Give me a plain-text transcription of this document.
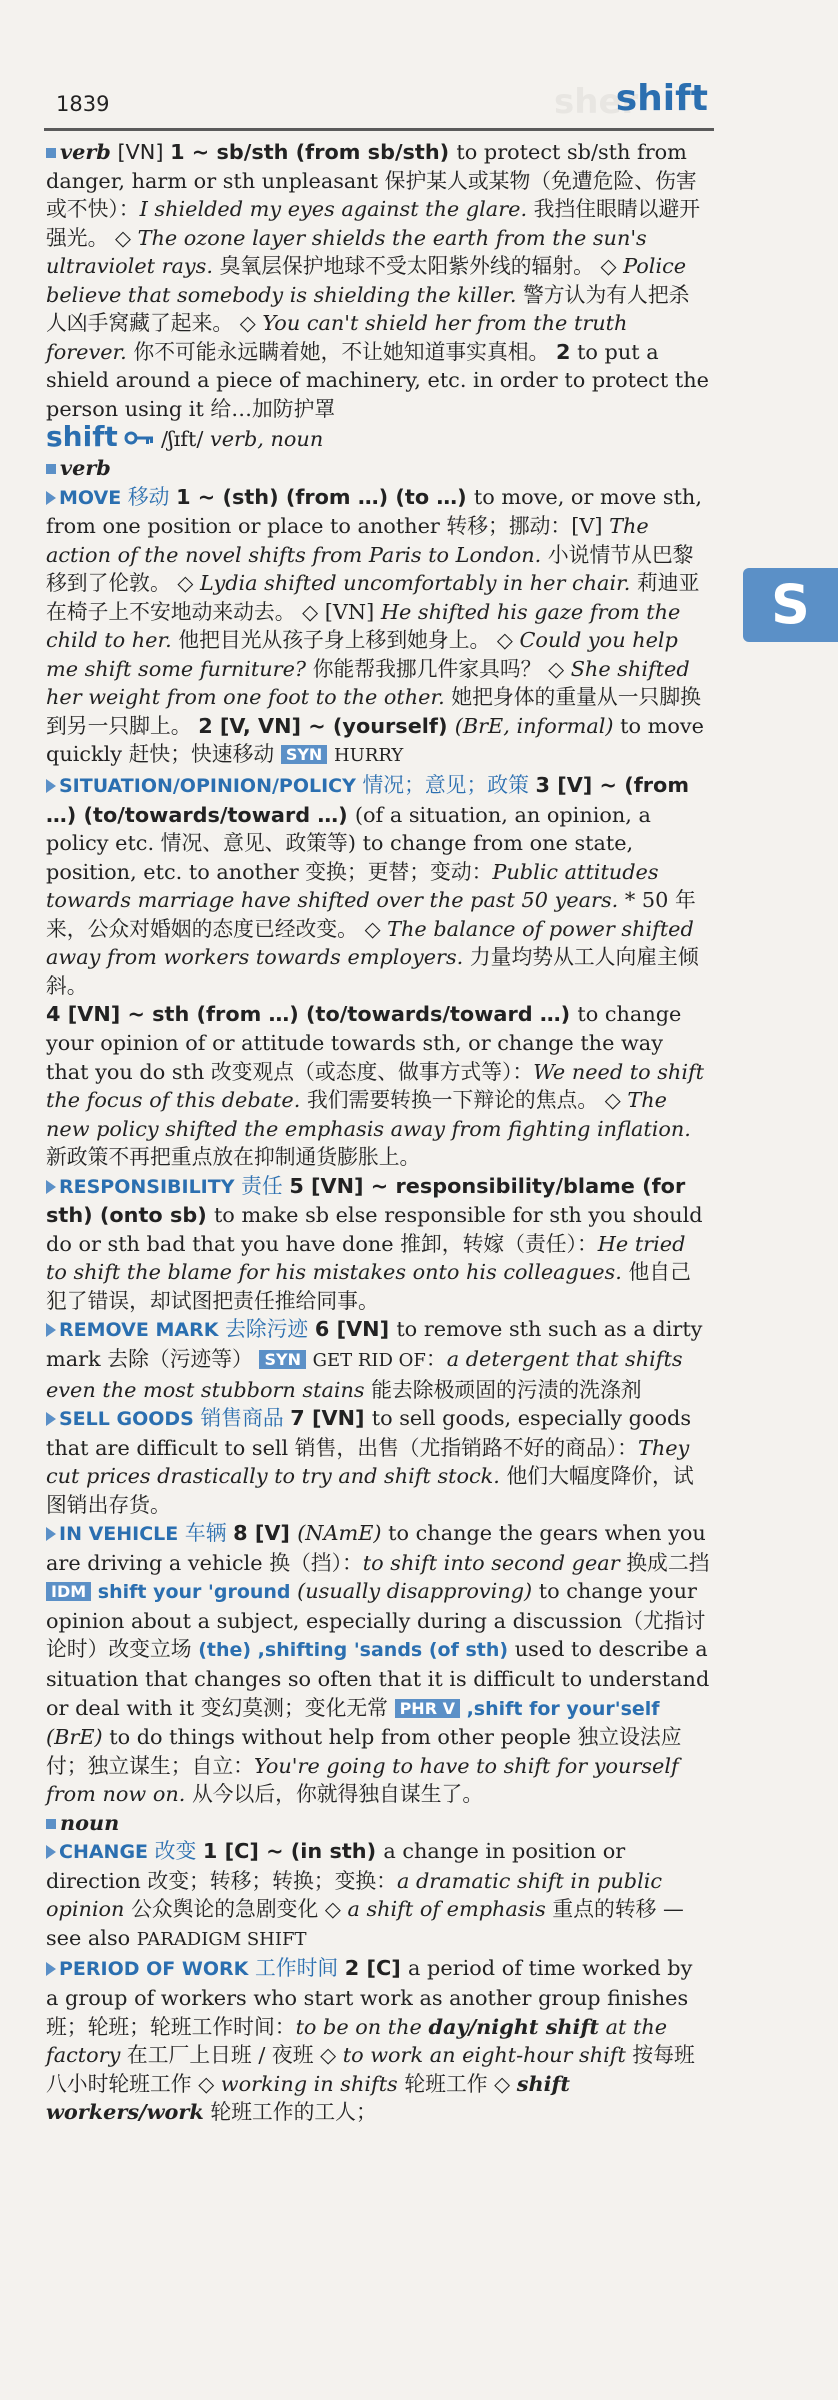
1839	sher
shift
S

verb [VN] 1 ~ sb/sth (from sb/sth) to protect sb/sth from danger, harm or sth unpleasant 保护某人或某物（免遭危险、伤害或不快）：I shielded my eyes against the glare. 我挡住眼睛以避开强光。 ◇ The ozone layer shields the earth from the sun's ultraviolet rays. 臭氧层保护地球不受太阳紫外线的辐射。 ◇ Police believe that somebody is shielding the killer. 警方认为有人把杀人凶手窝藏了起来。 ◇ You can't shield her from the truth forever. 你不可能永远瞒着她，不让她知道事实真相。 2 to put a shield around a piece of machinery, etc. in order to protect the person using it 给…加防护罩

shift  /ʃɪft/ verb, noun

verb

MOVE 移动 1 ~ (sth) (from …) (to …) to move, or move sth, from one position or place to another 转移；挪动：[V] The action of the novel shifts from Paris to London. 小说情节从巴黎移到了伦敦。 ◇ Lydia shifted uncomfortably in her chair. 莉迪亚在椅子上不安地动来动去。 ◇ [VN] He shifted his gaze from the child to her. 他把目光从孩子身上移到她身上。 ◇ Could you help me shift some furniture? 你能帮我挪几件家具吗？ ◇ She shifted her weight from one foot to the other. 她把身体的重量从一只脚换到另一只脚上。 2 [V, VN] ~ (yourself) (BrE, informal) to move quickly 赶快；快速移动 SYN HURRY

SITUATION/OPINION/POLICY 情况；意见；政策 3 [V] ~ (from …) (to/towards/toward …) (of a situation, an opinion, a policy etc. 情况、意见、政策等) to change from one state, position, etc. to another 变换；更替；变动：Public attitudes towards marriage have shifted over the past 50 years. * 50 年来，公众对婚姻的态度已经改变。 ◇ The balance of power shifted away from workers towards employers. 力量均势从工人向雇主倾斜。
4 [VN] ~ sth (from …) (to/towards/toward …) to change your opinion of or attitude towards sth, or change the way that you do sth 改变观点（或态度、做事方式等）：We need to shift the focus of this debate. 我们需要转换一下辩论的焦点。 ◇ The new policy shifted the emphasis away from fighting inflation. 新政策不再把重点放在抑制通货膨胀上。

RESPONSIBILITY 责任 5 [VN] ~ responsibility/blame (for sth) (onto sb) to make sb else responsible for sth you should do or sth bad that you have done 推卸，转嫁（责任）：He tried to shift the blame for his mistakes onto his colleagues. 他自己犯了错误，却试图把责任推给同事。

REMOVE MARK 去除污迹 6 [VN] to remove sth such as a dirty mark 去除（污迹等） SYN GET RID OF：a detergent that shifts even the most stubborn stains 能去除极顽固的污渍的洗涤剂

SELL GOODS 销售商品 7 [VN] to sell goods, especially goods that are difficult to sell 销售，出售（尤指销路不好的商品）：They cut prices drastically to try and shift stock. 他们大幅度降价，试图销出存货。

IN VEHICLE 车辆 8 [V] (NAmE) to change the gears when you are driving a vehicle 换（挡）：to shift into second gear 换成二挡

IDM shift your 'ground (usually disapproving) to change your opinion about a subject, especially during a discussion（尤指讨论时）改变立场 (the) ,shifting 'sands (of sth) used to describe a situation that changes so often that it is difficult to understand or deal with it 变幻莫测；变化无常 PHR V ,shift for your'self (BrE) to do things without help from other people 独立设法应付；独立谋生；自立：You're going to have to shift for yourself from now on. 从今以后，你就得独自谋生了。

noun

CHANGE 改变 1 [C] ~ (in sth) a change in position or direction 改变；转移；转换；变换：a dramatic shift in public opinion 公众舆论的急剧变化 ◇ a shift of emphasis 重点的转移 — see also PARADIGM SHIFT

PERIOD OF WORK 工作时间 2 [C] a period of time worked by a group of workers who start work as another group finishes 班；轮班；轮班工作时间：to be on the day/night shift at the factory 在工厂上日班 / 夜班 ◇ to work an eight-hour shift 按每班八小时轮班工作 ◇ working in shifts 轮班工作 ◇ shift workers/work 轮班工作的工人；
